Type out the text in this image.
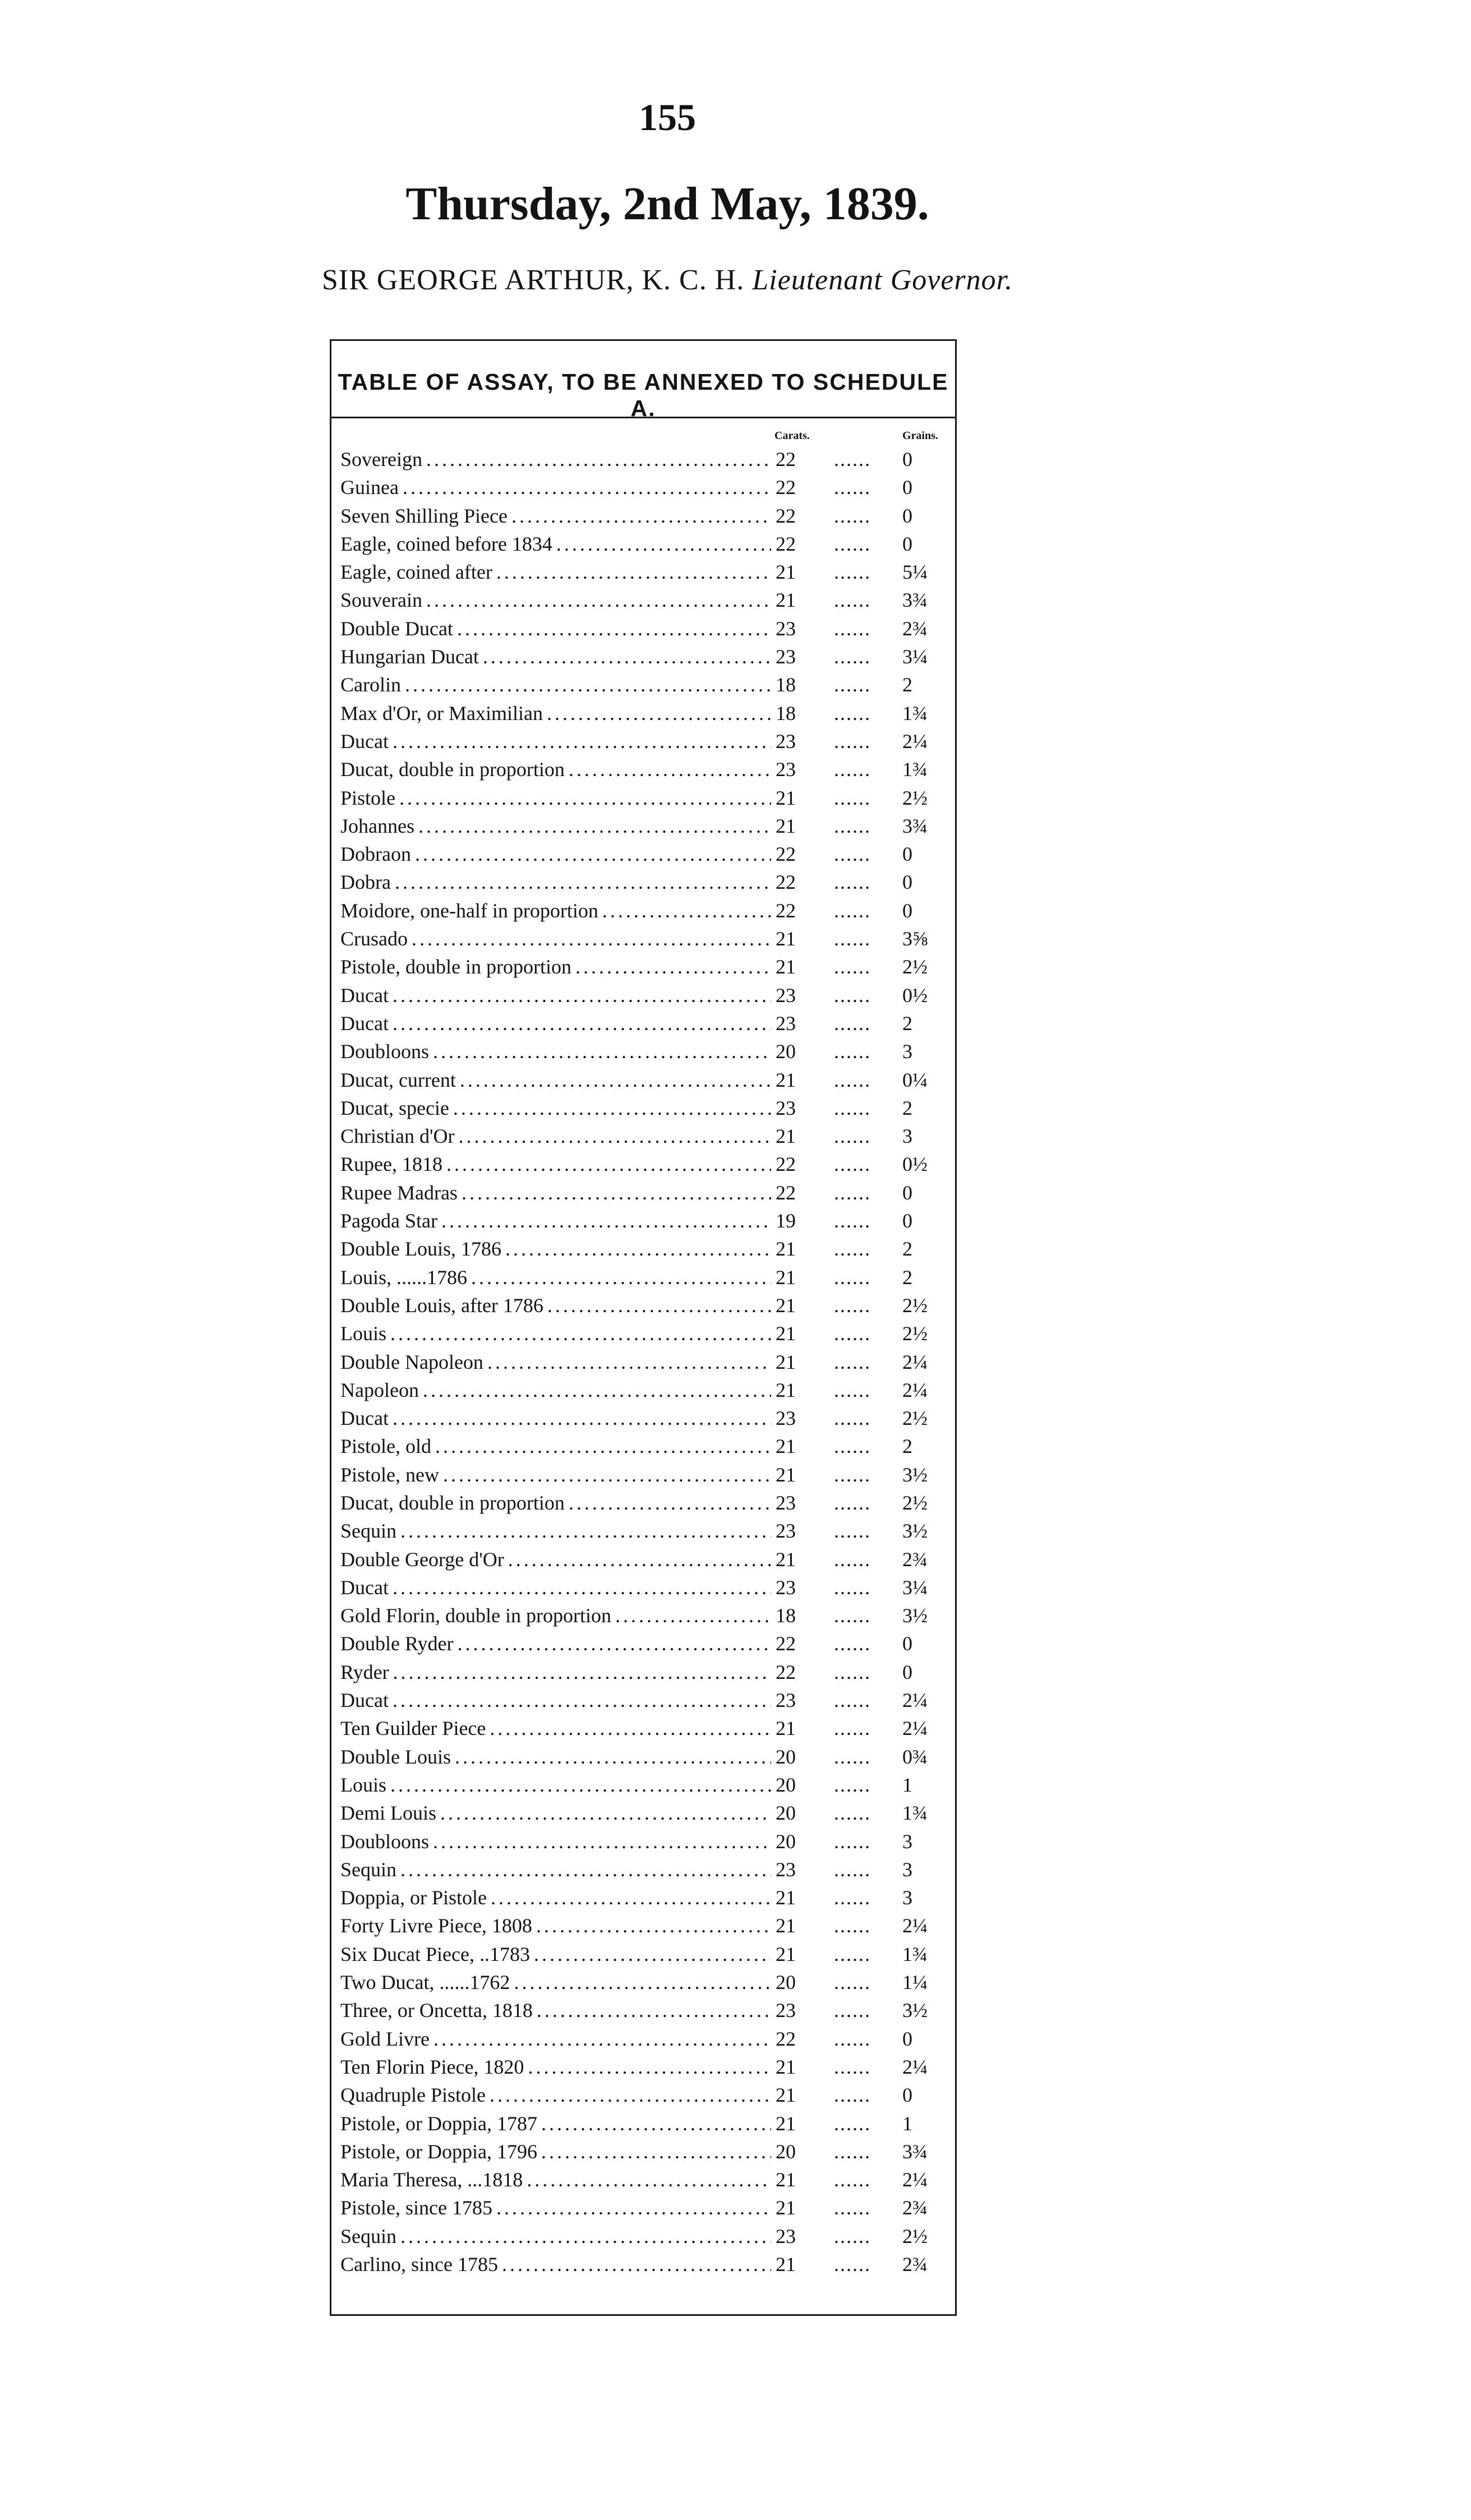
155
Thursday, 2nd May, 1839.
SIR GEORGE ARTHUR, K. C. H. Lieutenant Governor.
TABLE OF ASSAY, TO BE ANNEXED TO SCHEDULE A.
Carats.	Grains.
Sovereign . . .	22	......	0
Guinea . . .	22	......	0
Seven Shilling Piece . . .	22	......	0
Eagle, coined before 1834 . . .	22	......	0
Eagle, coined after . . .	21	......	5¼
Souverain . . .	21	......	3¾
Double Ducat . . .	23	......	2¾
Hungarian Ducat . . .	23	......	3¼
Carolin . . .	18	......	2
Max d'Or, or Maximilian . . .	18	......	1¾
Ducat . . .	23	......	2¼
Ducat, double in proportion . . .	23	......	1¾
Pistole . . .	21	......	2½
Johannes . . .	21	......	3¾
Dobraon . . .	22	......	0
Dobra . . .	22	......	0
Moidore, one-half in proportion . . .	22	......	0
Crusado . . .	21	......	3⅝
Pistole, double in proportion . . .	21	......	2½
Ducat . . .	23	......	0½
Ducat . . .	23	......	2
Doubloons . . .	20	......	3
Ducat, current . . .	21	......	0¼
Ducat, specie . . .	23	......	2
Christian d'Or . . .	21	......	3
Rupee, 1818 . . .	22	......	0½
Rupee Madras . . .	22	......	0
Pagoda Star . . .	19	......	0
Double Louis, 1786 . . .	21	......	2
Louis, ......1786 . . .	21	......	2
Double Louis, after 1786 . . .	21	......	2½
Louis . . .	21	......	2½
Double Napoleon . . .	21	......	2¼
Napoleon . . .	21	......	2¼
Ducat . . .	23	......	2½
Pistole, old . . .	21	......	2
Pistole, new . . .	21	......	3½
Ducat, double in proportion . . .	23	......	2½
Sequin . . .	23	......	3½
Double George d'Or . . .	21	......	2¾
Ducat . . .	23	......	3¼
Gold Florin, double in proportion . . .	18	......	3½
Double Ryder . . .	22	......	0
Ryder . . .	22	......	0
Ducat . . .	23	......	2¼
Ten Guilder Piece . . .	21	......	2¼
Double Louis . . .	20	......	0¾
Louis . . .	20	......	1
Demi Louis . . .	20	......	1¾
Doubloons . . .	20	......	3
Sequin . . .	23	......	3
Doppia, or Pistole . . .	21	......	3
Forty Livre Piece, 1808 . . .	21	......	2¼
Six Ducat Piece, ..1783 . . .	21	......	1¾
Two Ducat, ......1762 . . .	20	......	1¼
Three, or Oncetta, 1818 . . .	23	......	3½
Gold Livre . . .	22	......	0
Ten Florin Piece, 1820 . . .	21	......	2¼
Quadruple Pistole . . .	21	......	0
Pistole, or Doppia, 1787 . . .	21	......	1
Pistole, or Doppia, 1796 . . .	20	......	3¾
Maria Theresa, ...1818 . . .	21	......	2¼
Pistole, since 1785 . . .	21	......	2¾
Sequin . . .	23	......	2½
Carlino, since 1785 . . .	21	......	2¾
